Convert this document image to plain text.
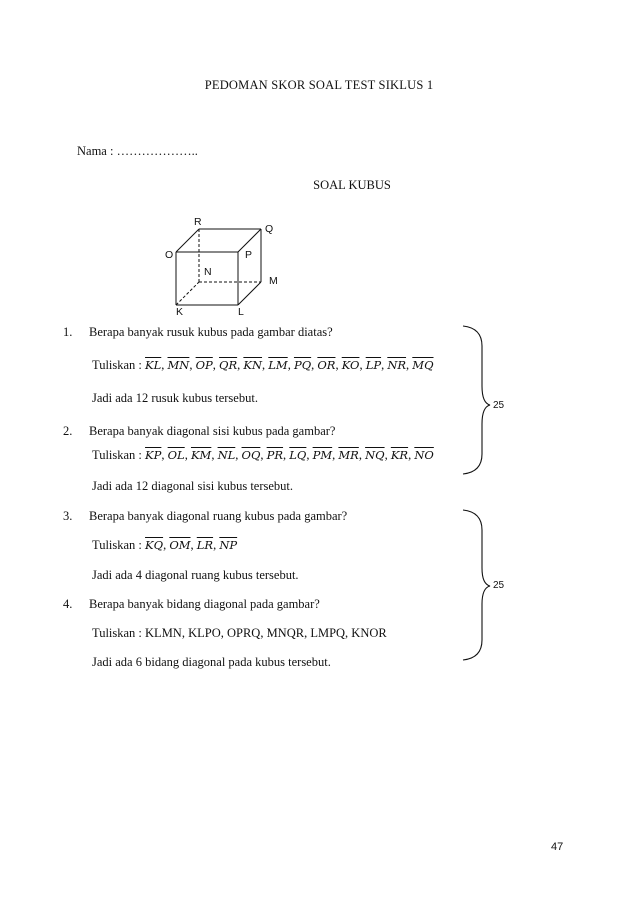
PEDOMAN SKOR SOAL TEST SIKLUS 1
Nama : ………………..
SOAL KUBUS
R
Q
O	P
N
M
K	L
1. Berapa banyak rusuk kubus pada gambar diatas?
Tuliskan : $\overline{KL}$, $\overline{MN}$, $\overline{OP}$, $\overline{QR}$, $\overline{KN}$, $\overline{LM}$, $\overline{PQ}$, $\overline{OR}$, $\overline{KO}$, $\overline{LP}$, $\overline{NR}$, $\overline{MQ}$
Jadi ada 12 rusuk kubus tersebut.
2. Berapa banyak diagonal sisi kubus pada gambar?
Tuliskan : $\overline{KP}$, $\overline{OL}$, $\overline{KM}$, $\overline{NL}$, $\overline{OQ}$, $\overline{PR}$, $\overline{LQ}$, $\overline{PM}$, $\overline{MR}$, $\overline{NQ}$, $\overline{KR}$, $\overline{NO}$
Jadi ada 12 diagonal sisi kubus tersebut.
3. Berapa banyak diagonal ruang kubus pada gambar?
Tuliskan : $\overline{KQ}$, $\overline{OM}$, $\overline{LR}$, $\overline{NP}$
Jadi ada 4 diagonal ruang kubus tersebut.
4. Berapa banyak bidang diagonal pada gambar?
Tuliskan : KLMN, KLPO, OPRQ, MNQR, LMPQ, KNOR
Jadi ada 6 bidang diagonal pada kubus tersebut.
25
25
47
